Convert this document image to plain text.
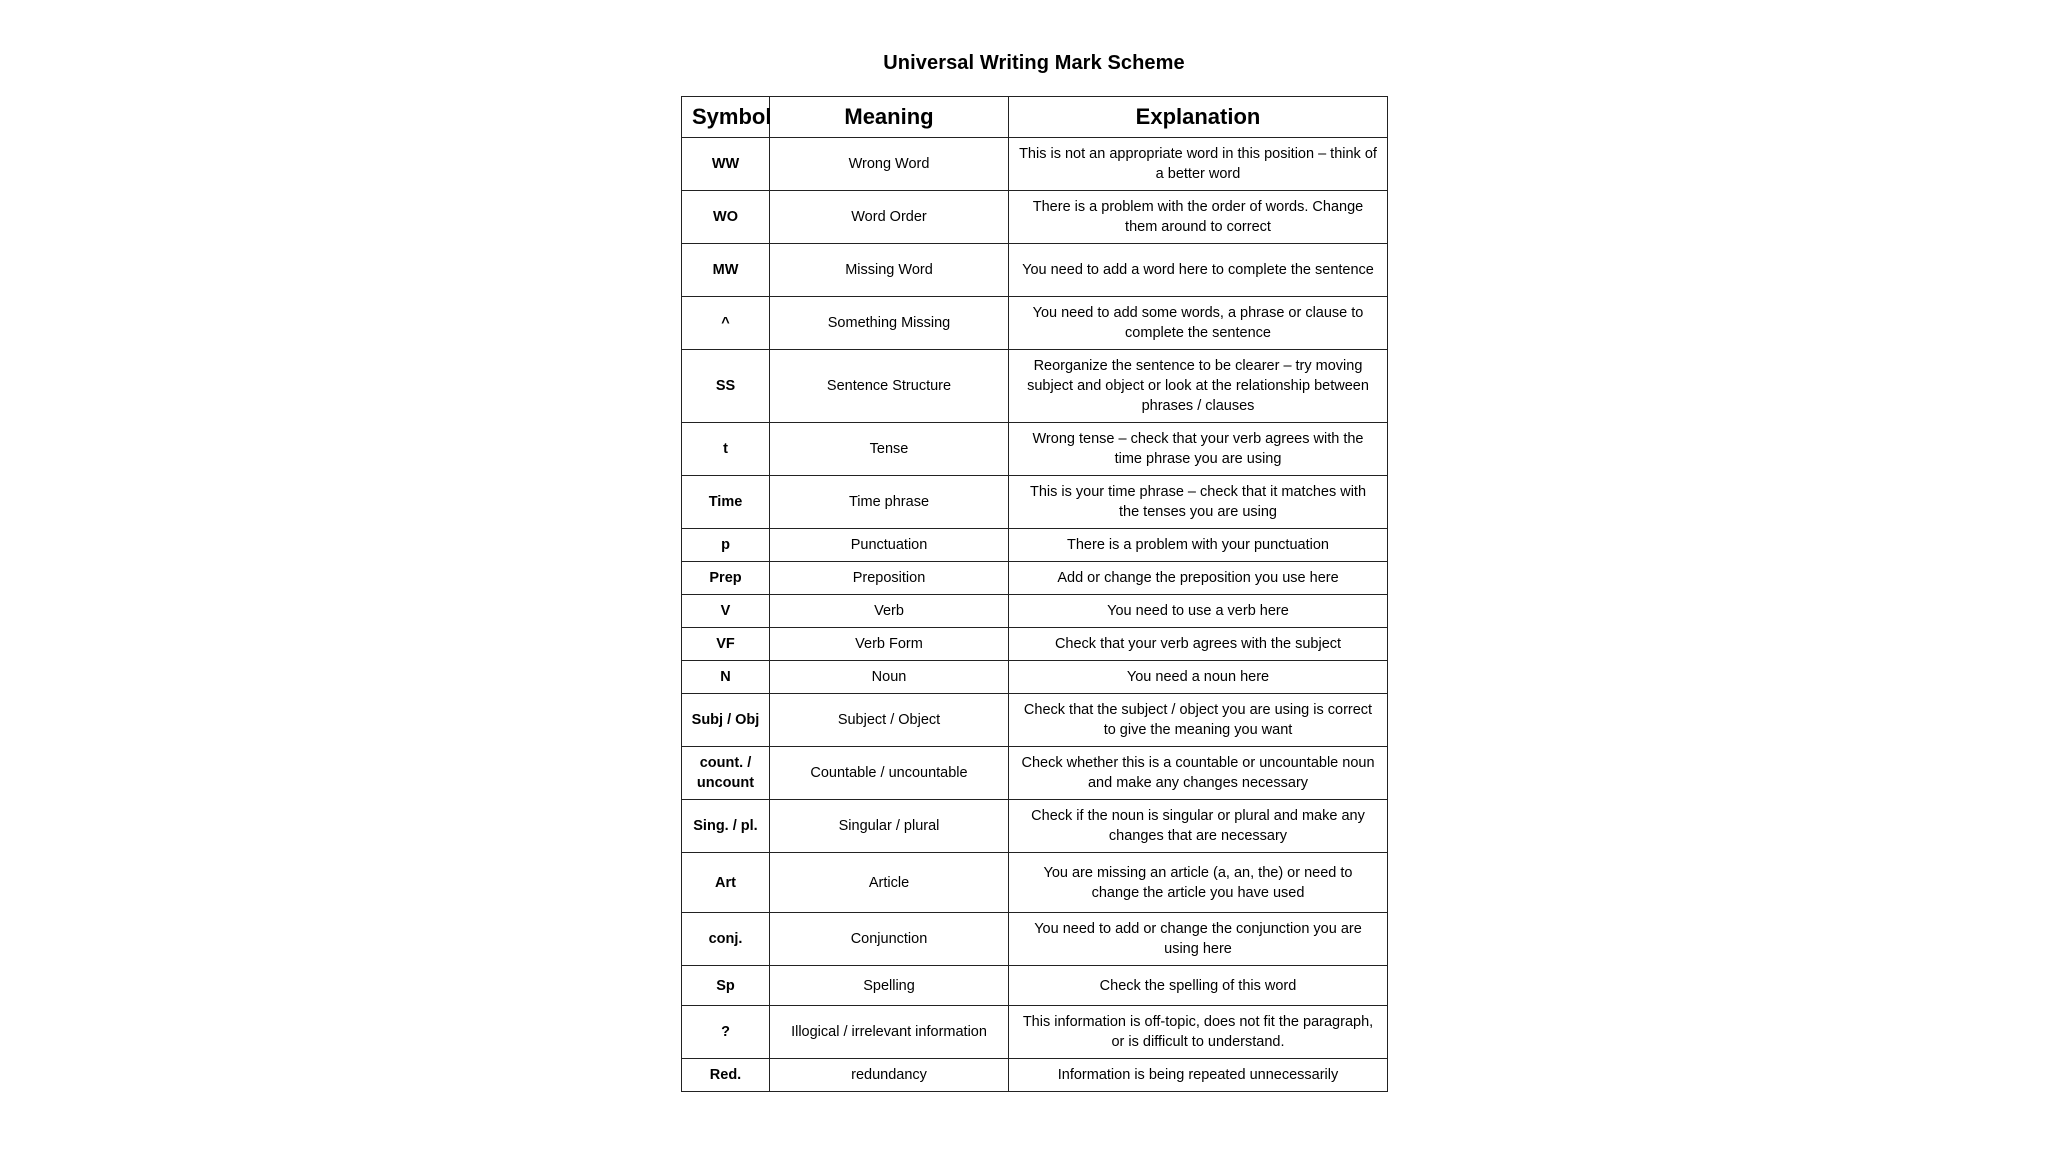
Universal Writing Mark Scheme
Symbol	Meaning	Explanation
WW	Wrong Word	This is not an appropriate word in this position – think of a better word
WO	Word Order	There is a problem with the order of words. Change them around to correct
MW	Missing Word	You need to add a word here to complete the sentence
^	Something Missing	You need to add some words, a phrase or clause to complete the sentence
SS	Sentence Structure	Reorganize the sentence to be clearer – try moving subject and object or look at the relationship between phrases / clauses
t	Tense	Wrong tense – check that your verb agrees with the time phrase you are using
Time	Time phrase	This is your time phrase – check that it matches with the tenses you are using
p	Punctuation	There is a problem with your punctuation
Prep	Preposition	Add or change the preposition you use here
V	Verb	You need to use a verb here
VF	Verb Form	Check that your verb agrees with the subject
N	Noun	You need a noun here
Subj / Obj	Subject / Object	Check that the subject / object you are using is correct to give the meaning you want
count. / uncount	Countable / uncountable	Check whether this is a countable or uncountable noun and make any changes necessary
Sing. / pl.	Singular / plural	Check if the noun is singular or plural and make any changes that are necessary
Art	Article	You are missing an article (a, an, the) or need to change the article you have used
conj.	Conjunction	You need to add or change the conjunction you are using here
Sp	Spelling	Check the spelling of this word
?	Illogical / irrelevant information	This information is off-topic, does not fit the paragraph, or is difficult to understand.
Red.	redundancy	Information is being repeated unnecessarily
